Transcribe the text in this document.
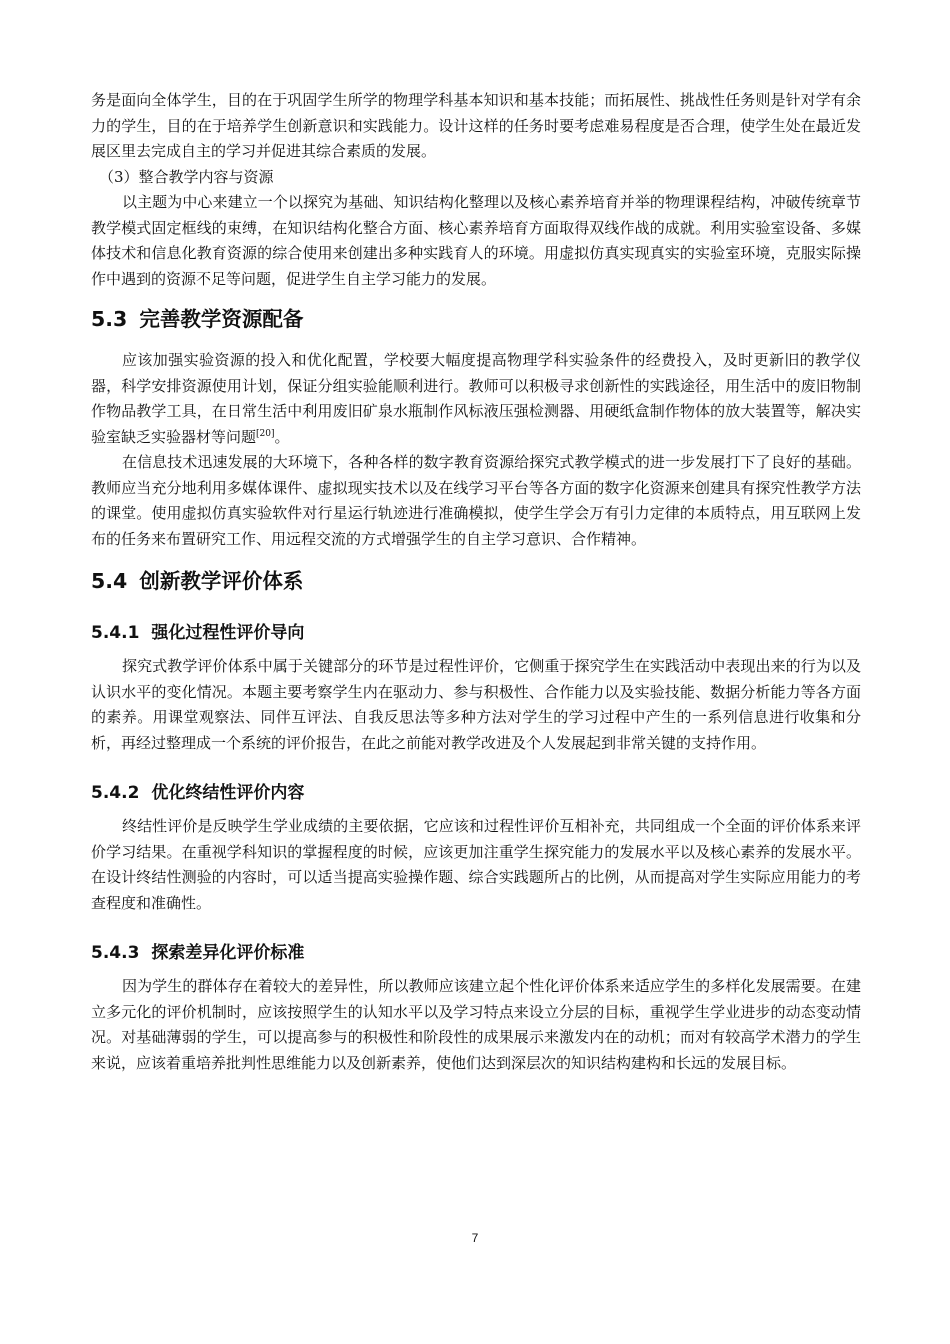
务是面向全体学生，目的在于巩固学生所学的物理学科基本知识和基本技能；而拓展性、挑战性任务则是针对学有余力的学生，目的在于培养学生创新意识和实践能力。设计这样的任务时要考虑难易程度是否合理，使学生处在最近发展区里去完成自主的学习并促进其综合素质的发展。

（3）整合教学内容与资源

以主题为中心来建立一个以探究为基础、知识结构化整理以及核心素养培育并举的物理课程结构，冲破传统章节教学模式固定框线的束缚，在知识结构化整合方面、核心素养培育方面取得双线作战的成就。利用实验室设备、多媒体技术和信息化教育资源的综合使用来创建出多种实践育人的环境。用虚拟仿真实现真实的实验室环境，克服实际操作中遇到的资源不足等问题，促进学生自主学习能力的发展。

5.3 完善教学资源配备

应该加强实验资源的投入和优化配置，学校要大幅度提高物理学科实验条件的经费投入，及时更新旧的教学仪器，科学安排资源使用计划，保证分组实验能顺利进行。教师可以积极寻求创新性的实践途径，用生活中的废旧物制作物品教学工具，在日常生活中利用废旧矿泉水瓶制作风标液压强检测器、用硬纸盒制作物体的放大装置等，解决实验室缺乏实验器材等问题[20]。

在信息技术迅速发展的大环境下，各种各样的数字教育资源给探究式教学模式的进一步发展打下了良好的基础。教师应当充分地利用多媒体课件、虚拟现实技术以及在线学习平台等各方面的数字化资源来创建具有探究性教学方法的课堂。使用虚拟仿真实验软件对行星运行轨迹进行准确模拟，使学生学会万有引力定律的本质特点，用互联网上发布的任务来布置研究工作、用远程交流的方式增强学生的自主学习意识、合作精神。

5.4 创新教学评价体系
5.4.1 强化过程性评价导向

探究式教学评价体系中属于关键部分的环节是过程性评价，它侧重于探究学生在实践活动中表现出来的行为以及认识水平的变化情况。本题主要考察学生内在驱动力、参与积极性、合作能力以及实验技能、数据分析能力等各方面的素养。用课堂观察法、同伴互评法、自我反思法等多种方法对学生的学习过程中产生的一系列信息进行收集和分析，再经过整理成一个系统的评价报告，在此之前能对教学改进及个人发展起到非常关键的支持作用。

5.4.2 优化终结性评价内容

终结性评价是反映学生学业成绩的主要依据，它应该和过程性评价互相补充，共同组成一个全面的评价体系来评价学习结果。在重视学科知识的掌握程度的时候，应该更加注重学生探究能力的发展水平以及核心素养的发展水平。在设计终结性测验的内容时，可以适当提高实验操作题、综合实践题所占的比例，从而提高对学生实际应用能力的考查程度和准确性。

5.4.3 探索差异化评价标准

因为学生的群体存在着较大的差异性，所以教师应该建立起个性化评价体系来适应学生的多样化发展需要。在建立多元化的评价机制时，应该按照学生的认知水平以及学习特点来设立分层的目标，重视学生学业进步的动态变动情况。对基础薄弱的学生，可以提高参与的积极性和阶段性的成果展示来激发内在的动机；而对有较高学术潜力的学生来说，应该着重培养批判性思维能力以及创新素养，使他们达到深层次的知识结构建构和长远的发展目标。

7
